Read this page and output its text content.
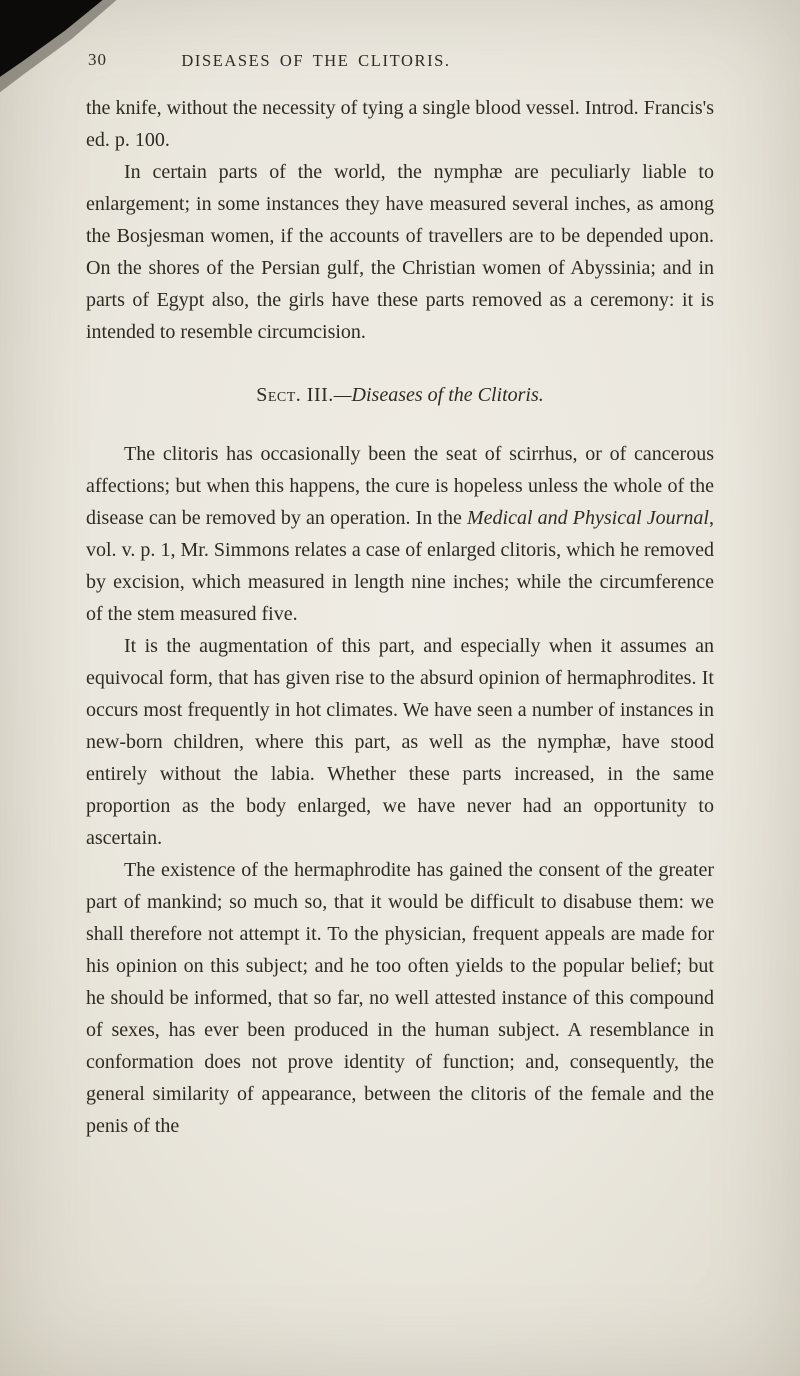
30	DISEASES OF THE CLITORIS.

the knife, without the necessity of tying a single blood vessel. Introd. Francis's ed. p. 100.

In certain parts of the world, the nymphæ are peculiarly liable to enlargement; in some instances they have measured several inches, as among the Bosjesman women, if the accounts of travellers are to be depended upon. On the shores of the Persian gulf, the Christian women of Abyssinia; and in parts of Egypt also, the girls have these parts removed as a ceremony: it is intended to resemble circumcision.

Sect. III.—Diseases of the Clitoris.

The clitoris has occasionally been the seat of scirrhus, or of cancerous affections; but when this happens, the cure is hopeless unless the whole of the disease can be removed by an operation. In the Medical and Physical Journal, vol. v. p. 1, Mr. Simmons relates a case of enlarged clitoris, which he removed by excision, which measured in length nine inches; while the circumference of the stem measured five.

It is the augmentation of this part, and especially when it assumes an equivocal form, that has given rise to the absurd opinion of hermaphrodites. It occurs most frequently in hot climates. We have seen a number of instances in new-born children, where this part, as well as the nymphæ, have stood entirely without the labia. Whether these parts increased, in the same proportion as the body enlarged, we have never had an opportunity to ascertain.

The existence of the hermaphrodite has gained the consent of the greater part of mankind; so much so, that it would be difficult to disabuse them: we shall therefore not attempt it. To the physician, frequent appeals are made for his opinion on this subject; and he too often yields to the popular belief; but he should be informed, that so far, no well attested instance of this compound of sexes, has ever been produced in the human subject. A resemblance in conformation does not prove identity of function; and, consequently, the general similarity of appearance, between the clitoris of the female and the penis of the
